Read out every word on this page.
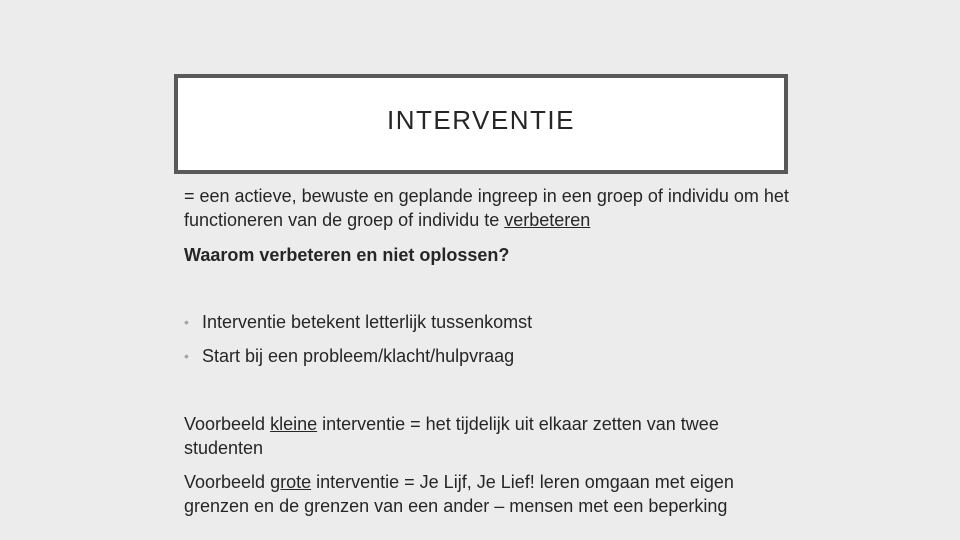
INTERVENTIE

= een actieve, bewuste en geplande ingreep in een groep of individu om het functioneren van de groep of individu te verbeteren

Waarom verbeteren en niet oplossen?

• Interventie betekent letterlijk tussenkomst

• Start bij een probleem/klacht/hulpvraag

Voorbeeld kleine interventie = het tijdelijk uit elkaar zetten van twee studenten

Voorbeeld grote interventie = Je Lijf, Je Lief! leren omgaan met eigen grenzen en de grenzen van een ander – mensen met een beperking
